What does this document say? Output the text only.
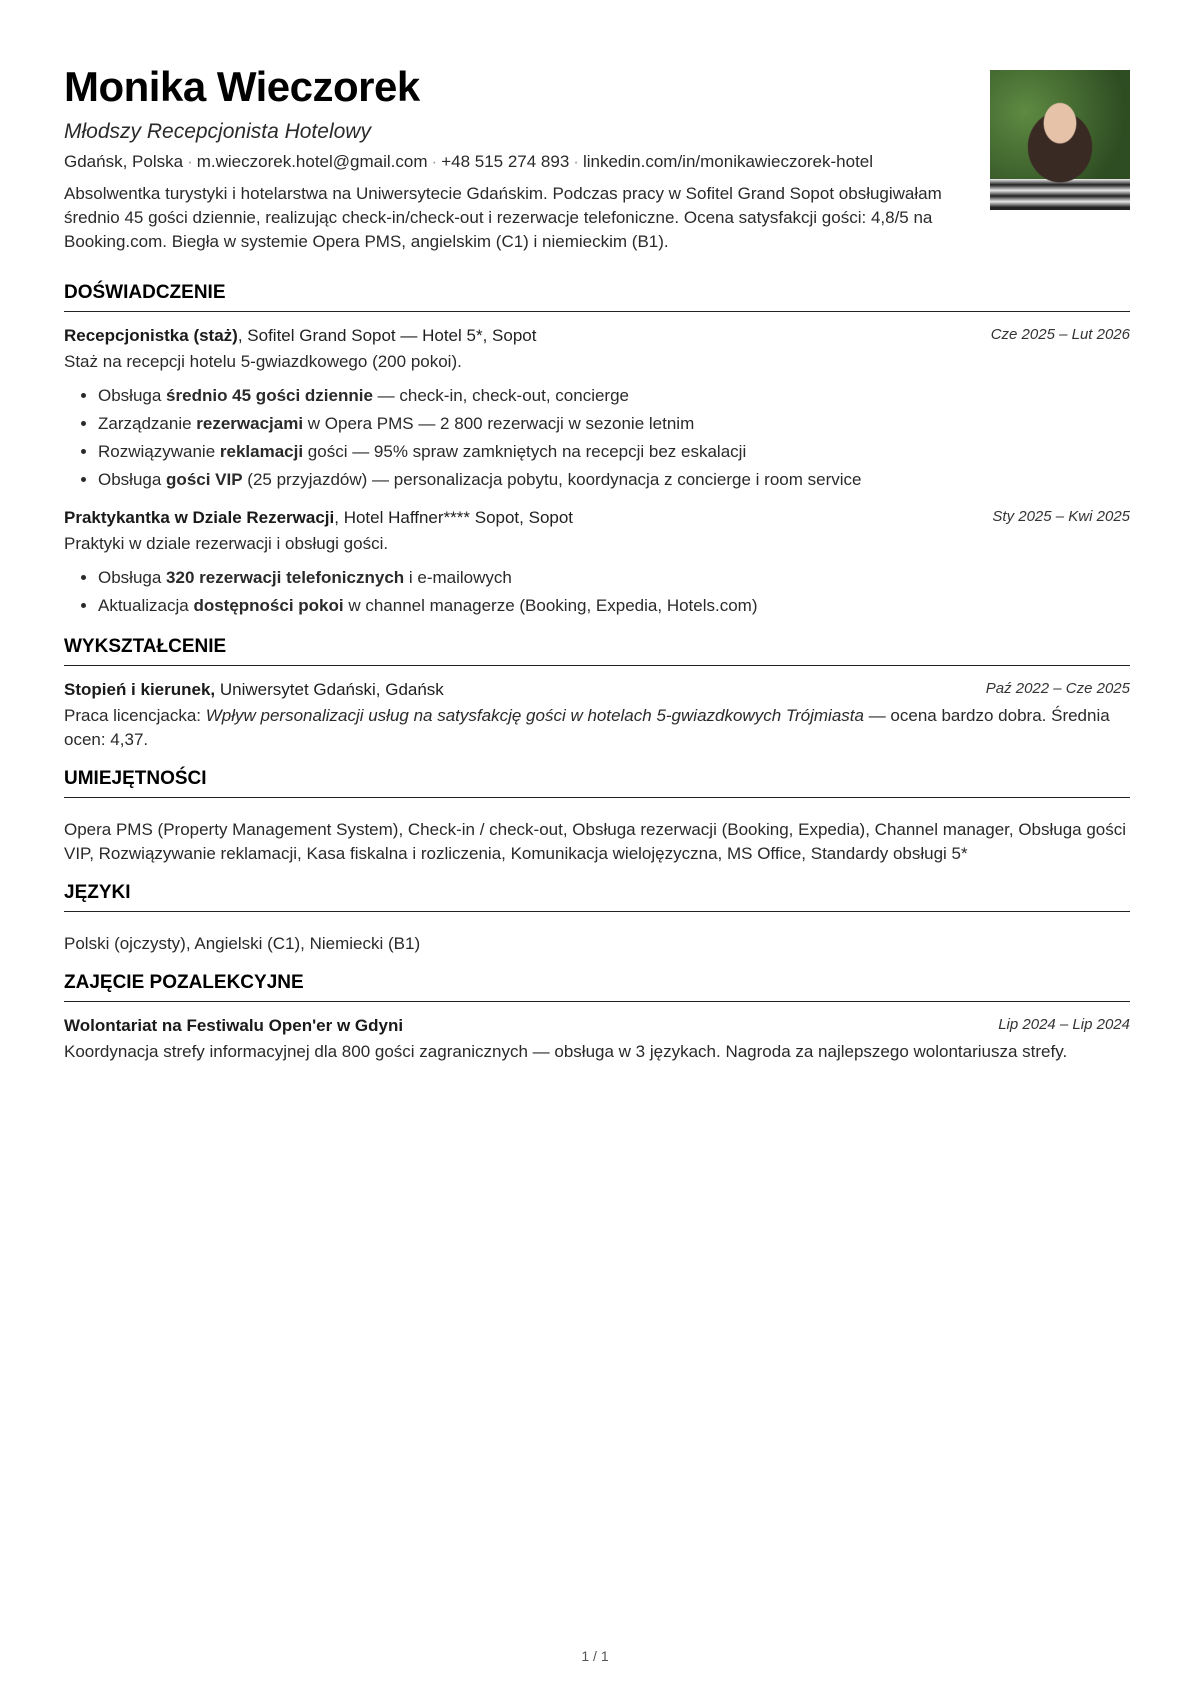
Monika Wieczorek
Młodszy Recepcjonista Hotelowy
Gdańsk, Polska · m.wieczorek.hotel@gmail.com · +48 515 274 893 · linkedin.com/in/monikawieczorek-hotel
Absolwentka turystyki i hotelarstwa na Uniwersytecie Gdańskim. Podczas pracy w Sofitel Grand Sopot obsługiwałam średnio 45 gości dziennie, realizując check-in/check-out i rezerwacje telefoniczne. Ocena satysfakcji gości: 4,8/5 na Booking.com. Biegła w systemie Opera PMS, angielskim (C1) i niemieckim (B1).
DOŚWIADCZENIE
Recepcjonistka (staż), Sofitel Grand Sopot — Hotel 5*, Sopot	Cze 2025 – Lut 2026
Staż na recepcji hotelu 5-gwiazdkowego (200 pokoi).
• Obsługa średnio 45 gości dziennie — check-in, check-out, concierge
• Zarządzanie rezerwacjami w Opera PMS — 2 800 rezerwacji w sezonie letnim
• Rozwiązywanie reklamacji gości — 95% spraw zamkniętych na recepcji bez eskalacji
• Obsługa gości VIP (25 przyjazdów) — personalizacja pobytu, koordynacja z concierge i room service
Praktykantka w Dziale Rezerwacji, Hotel Haffner**** Sopot, Sopot	Sty 2025 – Kwi 2025
Praktyki w dziale rezerwacji i obsługi gości.
• Obsługa 320 rezerwacji telefonicznych i e-mailowych
• Aktualizacja dostępności pokoi w channel managerze (Booking, Expedia, Hotels.com)
WYKSZTAŁCENIE
Stopień i kierunek, Uniwersytet Gdański, Gdańsk	Paź 2022 – Cze 2025
Praca licencjacka: Wpływ personalizacji usług na satysfakcję gości w hotelach 5-gwiazdkowych Trójmiasta — ocena bardzo dobra. Średnia ocen: 4,37.
UMIEJĘTNOŚCI
Opera PMS (Property Management System), Check-in / check-out, Obsługa rezerwacji (Booking, Expedia), Channel manager, Obsługa gości VIP, Rozwiązywanie reklamacji, Kasa fiskalna i rozliczenia, Komunikacja wielojęzyczna, MS Office, Standardy obsługi 5*
JĘZYKI
Polski (ojczysty), Angielski (C1), Niemiecki (B1)
ZAJĘCIE POZALEKCYJNE
Wolontariat na Festiwalu Open'er w Gdyni	Lip 2024 – Lip 2024
Koordynacja strefy informacyjnej dla 800 gości zagranicznych — obsługa w 3 językach. Nagroda za najlepszego wolontariusza strefy.
1 / 1
